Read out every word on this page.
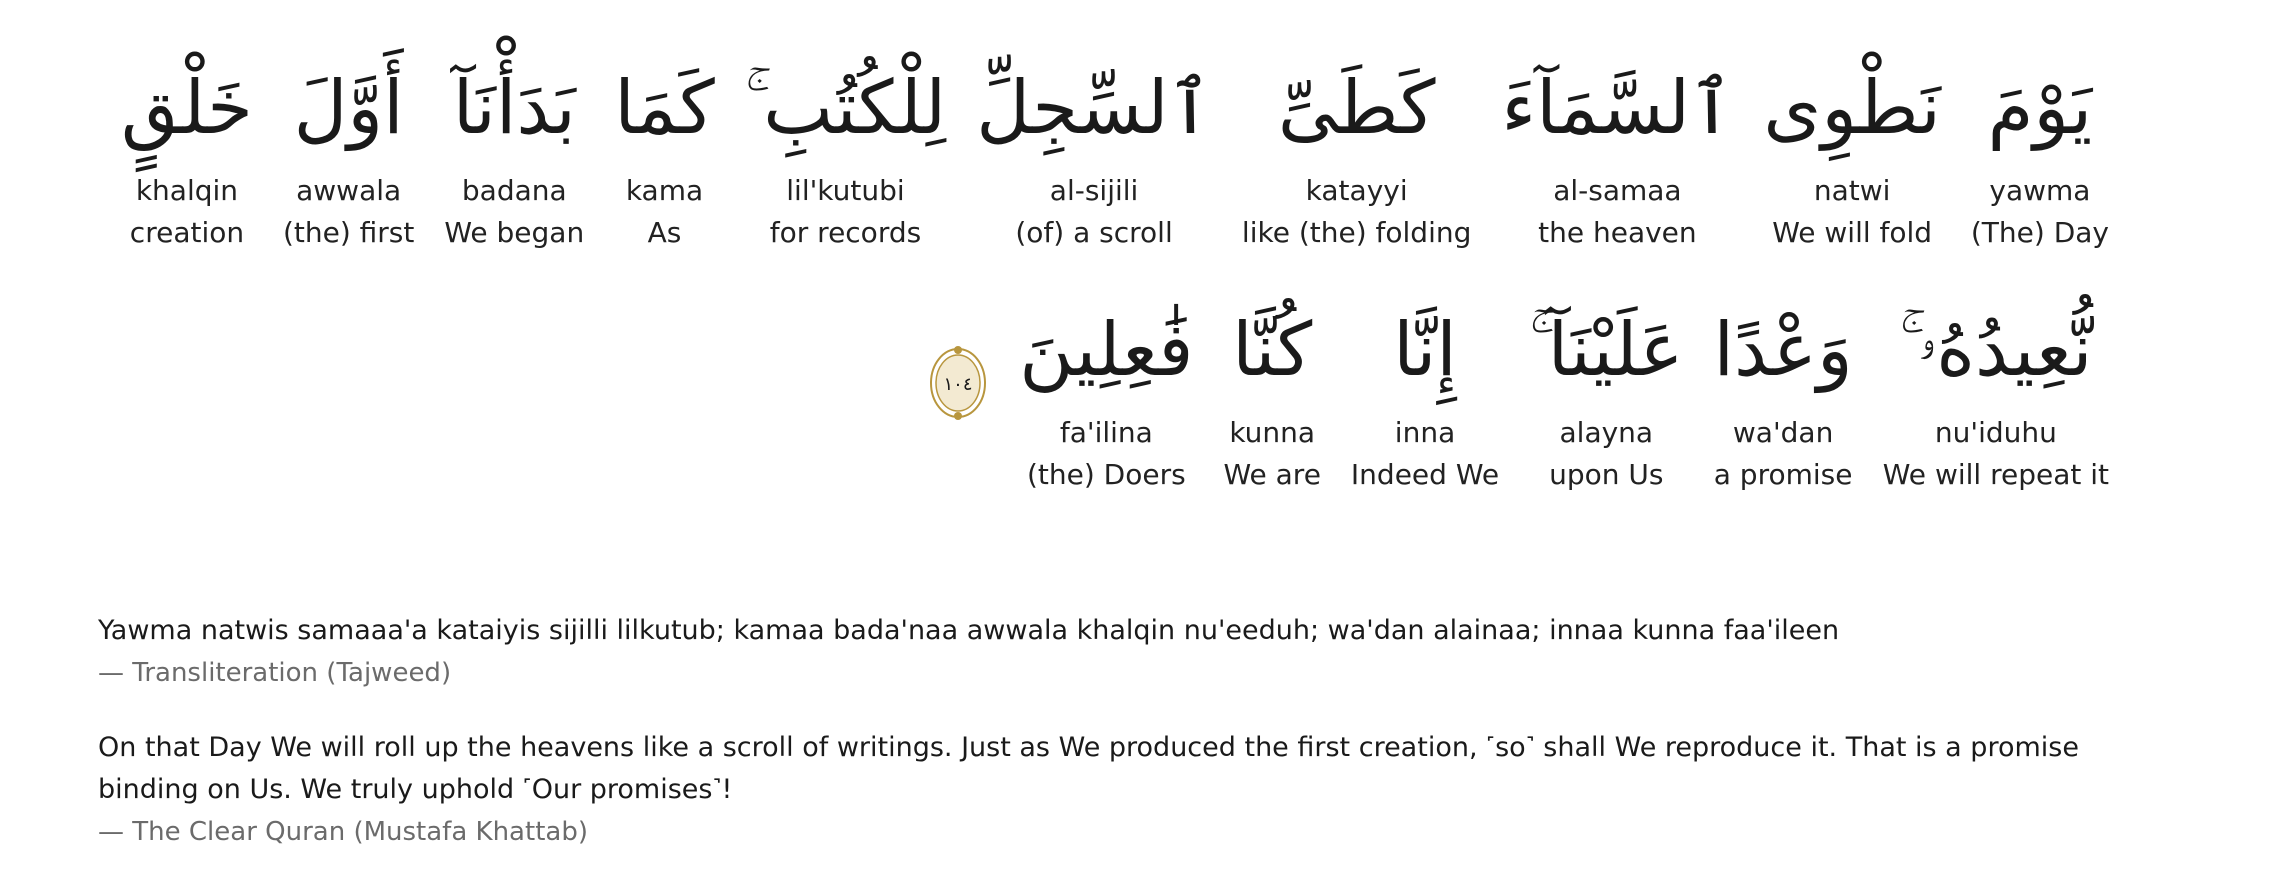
يَوْمَ
yawma
(The) Day
نَطْوِى
natwi
We will fold
ٱلسَّمَآءَ
al-samaa
the heaven
كَطَىِّ
katayyi
like (the) folding
ٱلسِّجِلِّ
al-sijili
(of) a scroll
لِلْكُتُبِ ۚ
lil'kutubi
for records
كَمَا
kama
As
بَدَأْنَآ
badana
We began
أَوَّلَ
awwala
(the) first
خَلْقٍ
khalqin
creation
نُّعِيدُهُۥ ۚ
nu'iduhu
We will repeat it
وَعْدًا
wa'dan
a promise
عَلَيْنَآ ۚ
alayna
upon Us
إِنَّا
inna
Indeed We
كُنَّا
kunna
We are
فَٰعِلِينَ
fa'ilina
(the) Doers
١٠٤
Yawma natwis samaaa'a kataiyis sijilli lilkutub; kamaa bada'naa awwala khalqin nu'eeduh; wa'dan alainaa; innaa kunna faa'ileen
— Transliteration (Tajweed)
On that Day We will roll up the heavens like a scroll of writings. Just as We produced the first creation, ˹so˺ shall We reproduce it. That is a promise binding on Us. We truly uphold ˹Our promises˺!
— The Clear Quran (Mustafa Khattab)
